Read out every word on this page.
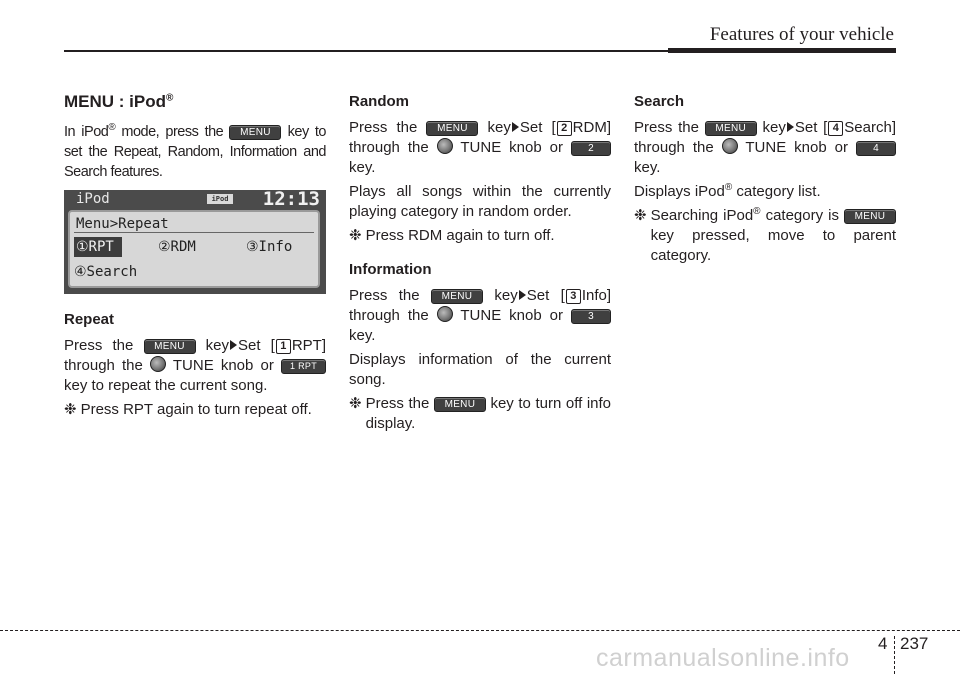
Features of your vehicle
MENU : iPod®

In iPod® mode, press the MENU key to set the Repeat, Random, Information and Search features.

iPod	iPod 12:13
Menu>Repeat
①RPT	②RDM	③Info
④Search
Repeat

Press the MENU key Set [ 1 RPT] through the  TUNE knob or 1 RPT key to repeat the current song.

❉ Press RPT again to turn repeat off.
Random

Press the MENU key Set [ 2 RDM] through the  TUNE knob or 2 key.

Plays all songs within the currently playing category in random order.

❉ Press RDM again to turn off.
Information

Press the MENU key Set [ 3 Info] through the  TUNE knob or 3 key.

Displays information of the current song.

❉ Press the MENU key to turn off info display.
Search

Press the MENU key Set [ 4 Search] through the  TUNE knob or 4 key.

Displays iPod® category list.

❉ Searching iPod® category is MENU key pressed, move to parent category.
carmanualsonline.info
4 237
